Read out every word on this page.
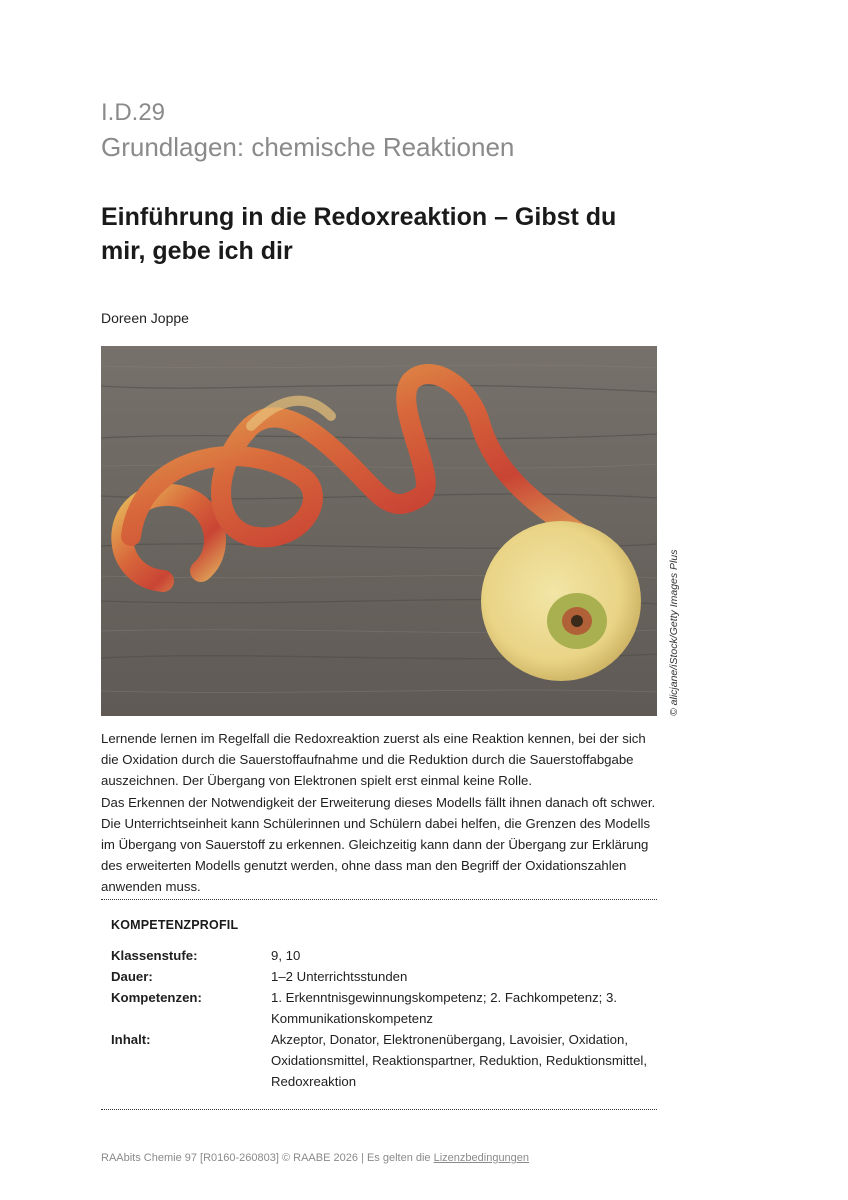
I.D.29
Grundlagen: chemische Reaktionen
Einführung in die Redoxreaktion – Gibst du mir, gebe ich dir
Doreen Joppe
© alicjane/iStock/Getty Images Plus

Lernende lernen im Regelfall die Redoxreaktion zuerst als eine Reaktion kennen, bei der sich die Oxidation durch die Sauerstoffaufnahme und die Reduktion durch die Sauerstoffabgabe auszeichnen. Der Übergang von Elektronen spielt erst einmal keine Rolle.

Das Erkennen der Notwendigkeit der Erweiterung dieses Modells fällt ihnen danach oft schwer. Die Unterrichtseinheit kann Schülerinnen und Schülern dabei helfen, die Grenzen des Modells im Übergang von Sauerstoff zu erkennen. Gleichzeitig kann dann der Übergang zur Erklärung des erweiterten Modells genutzt werden, ohne dass man den Begriff der Oxidationszahlen anwenden muss.

KOMPETENZPROFIL
Klassenstufe:	9, 10
Dauer:	1–2 Unterrichtsstunden
Kompetenzen:	1. Erkenntnisgewinnungskompetenz; 2. Fachkompetenz; 3. Kommunikationskompetenz
Inhalt:	Akzeptor, Donator, Elektronenübergang, Lavoisier, Oxidation, Oxidationsmittel, Reaktionspartner, Reduktion, Reduktionsmittel, Redoxreaktion
RAAbits Chemie 97 [R0160-260803] © RAABE 2026 | Es gelten die Lizenzbedingungen
